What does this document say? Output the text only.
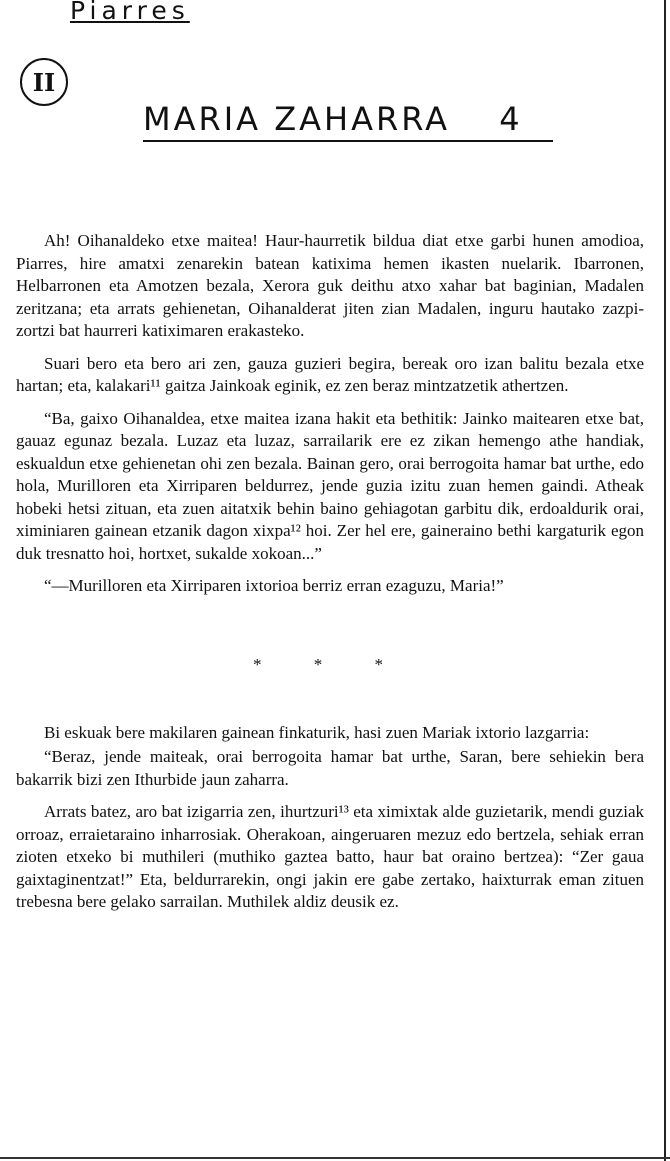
Piarres
II
MARIA ZAHARRA 4

Ah! Oihanaldeko etxe maitea! Haur-haurretik bildua diat etxe garbi hunen amodioa, Piarres, hire amatxi zenarekin batean katiximа hemen ikasten nuelarik. Ibarronen, Helbarronen eta Amotzen bezala, Xerora guk deithu atxo xahar bat baginian, Madalen zeritzana; eta arrats gehienetan, Oihanalderat jiten zian Madalen, inguru hautako zazpi-zortzi bat haurreri katiximaren erakasteko.

Suari bero eta bero ari zen, gauza guzieri begira, bereak oro izan balitu bezala etxe hartan; eta, kalakari¹¹ gaitza Jainkoak eginik, ez zen beraz mintzatzetik athertzen.

“Ba, gaixo Oihanaldea, etxe maitea izana hakit eta bethitik: Jainko maitearen etxe bat, gauaz egunaz bezala. Luzaz eta luzaz, sarrailarik ere ez zikan hemengo athe handiak, eskualdun etxe gehienetan ohi zen bezala. Bainan gero, orai berrogoita hamar bat urthe, edo hola, Murilloren eta Xirriparen beldurrez, jende guzia izitu zuan hemen gaindi. Atheak hobeki hetsi zituan, eta zuen aitatxik behin baino gehiagotan garbitu dik, erdoaldurik orai, ximiniaren gainean etzanik dagon xixpa¹² hoi. Zer hel ere, gainerаino bethi kargaturik egon duk tresnatto hoi, hortxet, sukalde xokoan...”

“—Murilloren eta Xirriparen ixtorioa berriz erran ezaguzu, Maria!”

* * *

Bi eskuak bere makilaren gainean finkaturik, hasi zuen Mariak ixtorio lazgarria:

“Beraz, jende maiteak, orai berrogoita hamar bat urthe, Saran, bere sehiekin bera bakarrik bizi zen Ithurbide jaun zaharra.

Arrats batez, aro bat izigarria zen, ihurtzuri¹³ eta ximixtak alde guzietarik, mendi guziak orroaz, erraietaraino inharrosiak. Oherakoan, aingeruaren mezuz edo bertzela, sehiak erran zioten etxeko bi muthileri (muthiko gaztea batto, haur bat oraino bertzea): “Zer gaua gaixtaginentzat!” Eta, beldurrarekin, ongi jakin ere gabe zertako, haixturrak eman zituen trebesna bere gelako sarrailan. Muthilek aldiz deusik ez.
